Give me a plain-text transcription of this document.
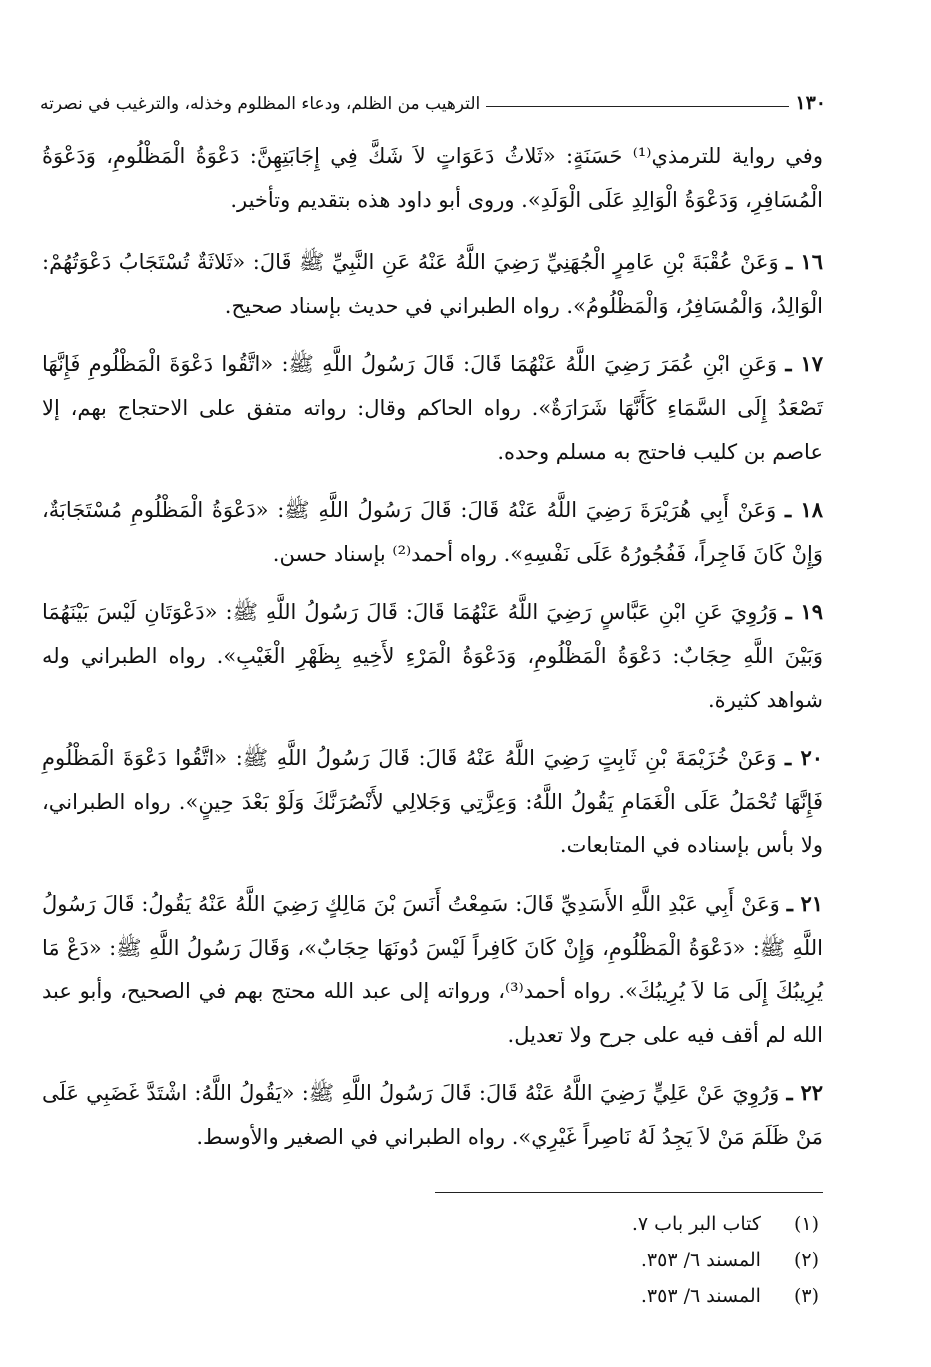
١٣٠
الترهيب من الظلم، ودعاء المظلوم وخذله، والترغيب في نصرته

وفي رواية للترمذي⁽¹⁾ حَسَنَةٍ: «ثَلاثُ دَعَوَاتٍ لاَ شَكَّ فِي إِجَابَتِهِنَّ: دَعْوَةُ الْمَظْلُومِ، وَدَعْوَةُ الْمُسَافِرِ، وَدَعْوَةُ الْوَالِدِ عَلَى الْوَلَدِ». وروى أبو داود هذه بتقديم وتأخير.

١٦ ـ وَعَنْ عُقْبَةَ بْنِ عَامِرٍ الْجُهَنِيِّ رَضِيَ اللَّهُ عَنْهُ عَنِ النَّبِيِّ ﷺ قَالَ: «ثَلاثَةٌ تُسْتَجَابُ دَعْوَتُهُمْ: الْوَالِدُ، وَالْمُسَافِرُ، وَالْمَظْلُومُ». رواه الطبراني في حديث بإسناد صحيح.

١٧ ـ وَعَنِ ابْنِ عُمَرَ رَضِيَ اللَّهُ عَنْهُمَا قَالَ: قَالَ رَسُولُ اللَّهِ ﷺ: «اتَّقُوا دَعْوَةَ الْمَظْلُومِ فَإِنَّهَا تَصْعَدُ إِلَى السَّمَاءِ كَأَنَّهَا شَرَارَةٌ». رواه الحاكم وقال: رواته متفق على الاحتجاج بهم، إلا عاصم بن كليب فاحتج به مسلم وحده.

١٨ ـ وَعَنْ أَبِي هُرَيْرَةَ رَضِيَ اللَّهُ عَنْهُ قَالَ: قَالَ رَسُولُ اللَّهِ ﷺ: «دَعْوَةُ الْمَظْلُومِ مُسْتَجَابَةٌ، وَإِنْ كَانَ فَاجِراً، فَفُجُورُهُ عَلَى نَفْسِهِ». رواه أحمد⁽²⁾ بإسناد حسن.

١٩ ـ وَرُوِيَ عَنِ ابْنِ عَبَّاسٍ رَضِيَ اللَّهُ عَنْهُمَا قَالَ: قَالَ رَسُولُ اللَّهِ ﷺ: «دَعْوَتَانِ لَيْسَ بَيْنَهُمَا وَبَيْنَ اللَّهِ حِجَابٌ: دَعْوَةُ الْمَظْلُومِ، وَدَعْوَةُ الْمَرْءِ لأَخِيهِ بِظَهْرِ الْغَيْبِ». رواه الطبراني وله شواهد كثيرة.

٢٠ ـ وَعَنْ خُزَيْمَةَ بْنِ ثَابِتٍ رَضِيَ اللَّهُ عَنْهُ قَالَ: قَالَ رَسُولُ اللَّهِ ﷺ: «اتَّقُوا دَعْوَةَ الْمَظْلُومِ فَإِنَّهَا تُحْمَلُ عَلَى الْغَمَامِ يَقُولُ اللَّهُ: وَعِزَّتِي وَجَلالِي لأَنْصُرَنَّكَ وَلَوْ بَعْدَ حِينٍ». رواه الطبراني، ولا بأس بإسناده في المتابعات.

٢١ ـ وَعَنْ أَبِي عَبْدِ اللَّهِ الأَسَدِيِّ قَالَ: سَمِعْتُ أَنَسَ بْنَ مَالِكٍ رَضِيَ اللَّهُ عَنْهُ يَقُولُ: قَالَ رَسُولُ اللَّهِ ﷺ: «دَعْوَةُ الْمَظْلُومِ، وَإِنْ كَانَ كَافِراً لَيْسَ دُونَهَا حِجَابٌ»، وَقَالَ رَسُولُ اللَّهِ ﷺ: «دَعْ مَا يُرِيبُكَ إِلَى مَا لاَ يُرِيبُكَ». رواه أحمد⁽³⁾، ورواته إلى عبد الله محتج بهم في الصحيح، وأبو عبد الله لم أقف فيه على جرح ولا تعديل.

٢٢ ـ وَرُوِيَ عَنْ عَلِيٍّ رَضِيَ اللَّهُ عَنْهُ قَالَ: قَالَ رَسُولُ اللَّهِ ﷺ: «يَقُولُ اللَّهُ: اشْتَدَّ غَضَبِي عَلَى مَنْ ظَلَمَ مَنْ لاَ يَجِدُ لَهُ نَاصِراً غَيْرِي». رواه الطبراني في الصغير والأوسط.

(١) كتاب البر باب ٧.
(٢) المسند ٦/ ٣٥٣.
(٣) المسند ٦/ ٣٥٣.
